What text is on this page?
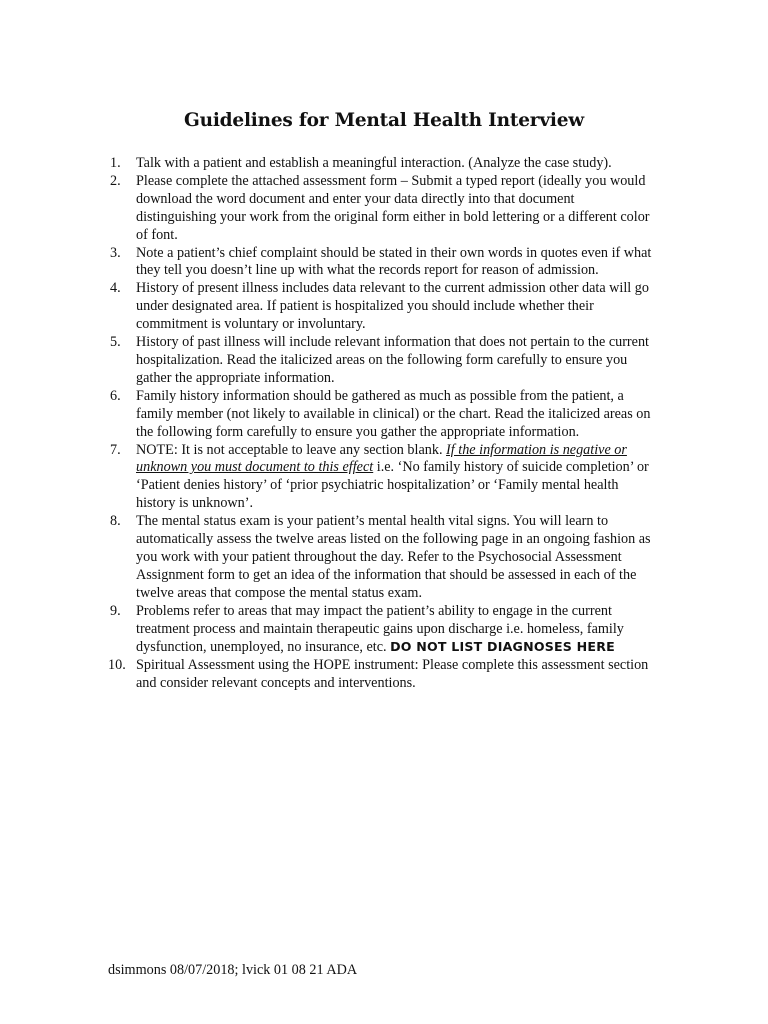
Guidelines for Mental Health Interview
1. Talk with a patient and establish a meaningful interaction. (Analyze the case study).
2. Please complete the attached assessment form – Submit a typed report (ideally you would download the word document and enter your data directly into that document distinguishing your work from the original form either in bold lettering or a different color of font.
3. Note a patient’s chief complaint should be stated in their own words in quotes even if what they tell you doesn’t line up with what the records report for reason of admission.
4. History of present illness includes data relevant to the current admission other data will go under designated area. If patient is hospitalized you should include whether their commitment is voluntary or involuntary.
5. History of past illness will include relevant information that does not pertain to the current hospitalization. Read the italicized areas on the following form carefully to ensure you gather the appropriate information.
6. Family history information should be gathered as much as possible from the patient, a family member (not likely to available in clinical) or the chart. Read the italicized areas on the following form carefully to ensure you gather the appropriate information.
7. NOTE: It is not acceptable to leave any section blank. If the information is negative or unknown you must document to this effect i.e. ‘No family history of suicide completion’ or ‘Patient denies history’ of ‘prior psychiatric hospitalization’ or ‘Family mental health history is unknown’.
8. The mental status exam is your patient’s mental health vital signs. You will learn to automatically assess the twelve areas listed on the following page in an ongoing fashion as you work with your patient throughout the day. Refer to the Psychosocial Assessment Assignment form to get an idea of the information that should be assessed in each of the twelve areas that compose the mental status exam.
9. Problems refer to areas that may impact the patient’s ability to engage in the current treatment process and maintain therapeutic gains upon discharge i.e. homeless, family dysfunction, unemployed, no insurance, etc. DO NOT LIST DIAGNOSES HERE
10. Spiritual Assessment using the HOPE instrument: Please complete this assessment section and consider relevant concepts and interventions.
dsimmons 08/07/2018; lvick 01 08 21 ADA
